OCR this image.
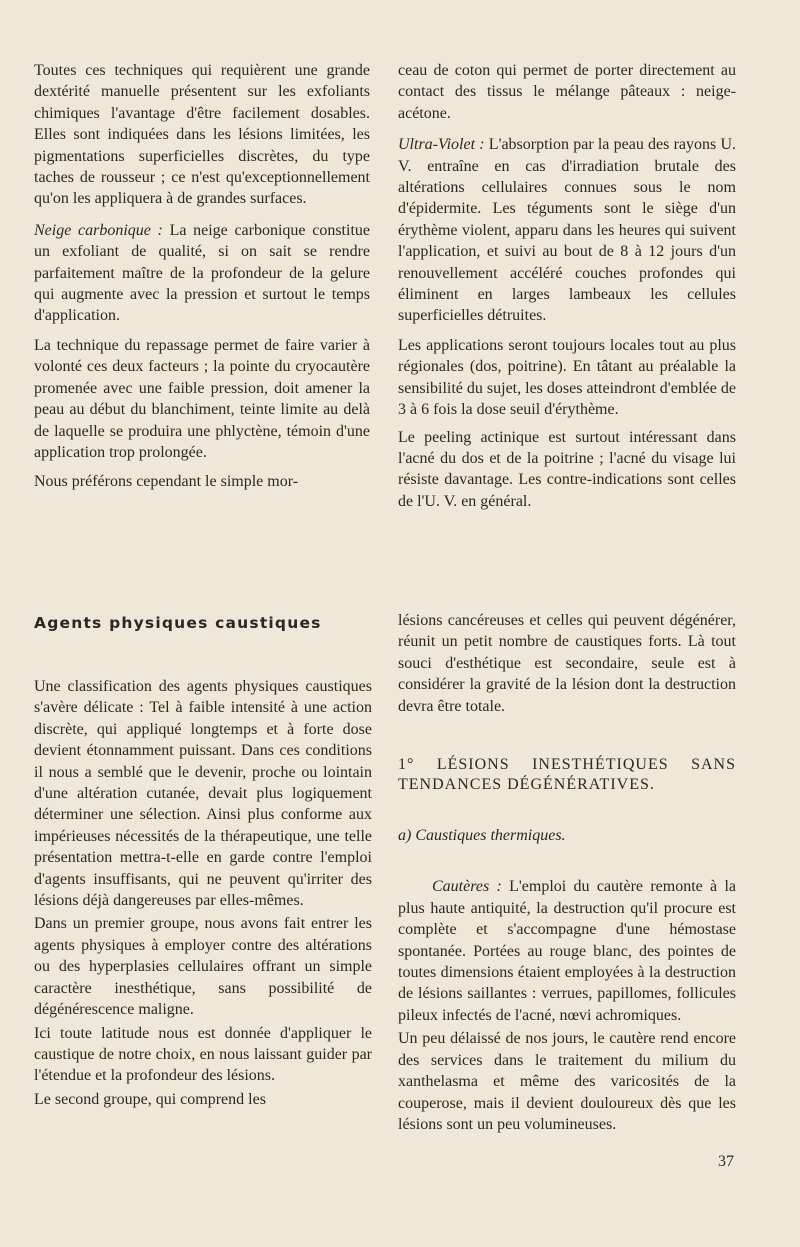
Toutes ces techniques qui requièrent une grande dextérité manuelle présentent sur les exfoliants chimiques l'avantage d'être facilement dosables. Elles sont indiquées dans les lésions limitées, les pigmentations superficielles discrètes, du type taches de rousseur ; ce n'est qu'exceptionnellement qu'on les appliquera à de grandes surfaces.

Neige carbonique : La neige carbonique constitue un exfoliant de qualité, si on sait se rendre parfaitement maître de la profondeur de la gelure qui augmente avec la pression et surtout le temps d'application.

La technique du repassage permet de faire varier à volonté ces deux facteurs ; la pointe du cryocautère promenée avec une faible pression, doit amener la peau au début du blanchiment, teinte limite au delà de laquelle se produira une phlyctène, témoin d'une application trop prolongée.

Nous préférons cependant le simple mor-

ceau de coton qui permet de porter directement au contact des tissus le mélange pâteaux : neige-acétone.

Ultra-Violet : L'absorption par la peau des rayons U. V. entraîne en cas d'irradiation brutale des altérations cellulaires connues sous le nom d'épidermite. Les téguments sont le siège d'un érythème violent, apparu dans les heures qui suivent l'application, et suivi au bout de 8 à 12 jours d'un renouvellement accéléré couches profondes qui éliminent en larges lambeaux les cellules superficielles détruites.

Les applications seront toujours locales tout au plus régionales (dos, poitrine). En tâtant au préalable la sensibilité du sujet, les doses atteindront d'emblée de 3 à 6 fois la dose seuil d'érythème.

Le peeling actinique est surtout intéressant dans l'acné du dos et de la poitrine ; l'acné du visage lui résiste davantage. Les contre-indications sont celles de l'U. V. en général.

Agents physiques caustiques

Une classification des agents physiques caustiques s'avère délicate : Tel à faible intensité à une action discrète, qui appliqué longtemps et à forte dose devient étonnamment puissant. Dans ces conditions il nous a semblé que le devenir, proche ou lointain d'une altération cutanée, devait plus logiquement déterminer une sélection. Ainsi plus conforme aux impérieuses nécessités de la thérapeutique, une telle présentation mettra-t-elle en garde contre l'emploi d'agents insuffisants, qui ne peuvent qu'irriter des lésions déjà dangereuses par elles-mêmes.

Dans un premier groupe, nous avons fait entrer les agents physiques à employer contre des altérations ou des hyperplasies cellulaires offrant un simple caractère inesthétique, sans possibilité de dégénérescence maligne.

Ici toute latitude nous est donnée d'appliquer le caustique de notre choix, en nous laissant guider par l'étendue et la profondeur des lésions.

Le second groupe, qui comprend les

lésions cancéreuses et celles qui peuvent dégénérer, réunit un petit nombre de caustiques forts. Là tout souci d'esthétique est secondaire, seule est à considérer la gravité de la lésion dont la destruction devra être totale.

1° LÉSIONS INESTHÉTIQUES SANS TENDANCES DÉGÉNÉRATIVES.

a) Caustiques thermiques.

Cautères : L'emploi du cautère remonte à la plus haute antiquité, la destruction qu'il procure est complète et s'accompagne d'une hémostase spontanée. Portées au rouge blanc, des pointes de toutes dimensions étaient employées à la destruction de lésions saillantes : verrues, papillomes, follicules pileux infectés de l'acné, nœvi achromiques.

Un peu délaissé de nos jours, le cautère rend encore des services dans le traitement du milium du xanthelasma et même des varicosités de la couperose, mais il devient douloureux dès que les lésions sont un peu volumineuses.

37
